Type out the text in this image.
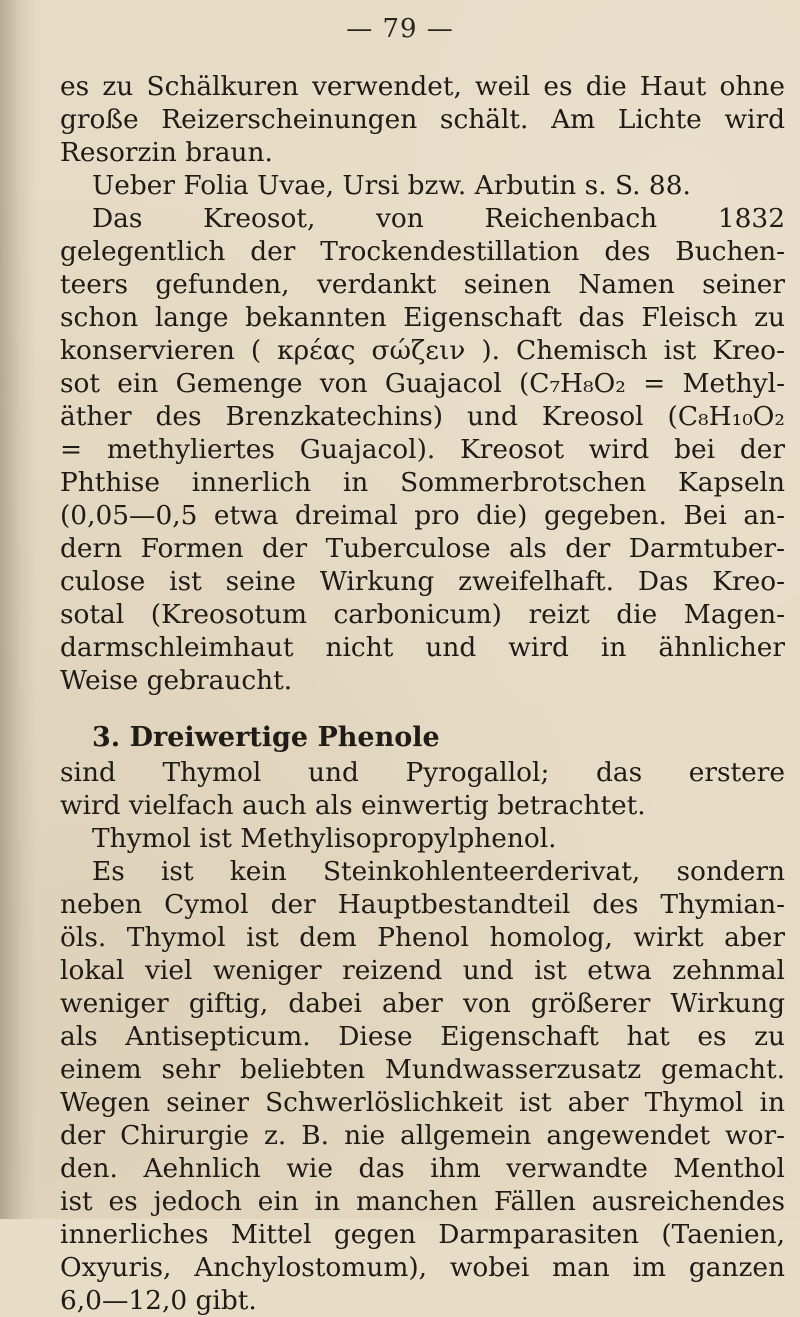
— 79 —
es zu Schälkuren verwendet, weil es die Haut ohne
große Reizerscheinungen schält. Am Lichte wird
Resorzin braun.
Ueber Folia Uvae, Ursi bzw. Arbutin s. S. 88.
Das Kreosot, von Reichenbach 1832
gelegentlich der Trockendestillation des Buchen-
teers gefunden, verdankt seinen Namen seiner
schon lange bekannten Eigenschaft das Fleisch zu
konservieren ( κρέας σώζειν ). Chemisch ist Kreo-
sot ein Gemenge von Guajacol (C₇H₈O₂ = Methyl-
äther des Brenzkatechins) und Kreosol (C₈H₁₀O₂
= methyliertes Guajacol). Kreosot wird bei der
Phthise innerlich in Sommerbrotschen Kapseln
(0,05—0,5 etwa dreimal pro die) gegeben. Bei an-
dern Formen der Tuberculose als der Darmtuber-
culose ist seine Wirkung zweifelhaft. Das Kreo-
sotal (Kreosotum carbonicum) reizt die Magen-
darmschleimhaut nicht und wird in ähnlicher
Weise gebraucht.
3. Dreiwertige Phenole
sind Thymol und Pyrogallol; das erstere
wird vielfach auch als einwertig betrachtet.
Thymol ist Methylisopropylphenol.
Es ist kein Steinkohlenteerderivat, sondern
neben Cymol der Hauptbestandteil des Thymian-
öls. Thymol ist dem Phenol homolog, wirkt aber
lokal viel weniger reizend und ist etwa zehnmal
weniger giftig, dabei aber von größerer Wirkung
als Antisepticum. Diese Eigenschaft hat es zu
einem sehr beliebten Mundwasserzusatz gemacht.
Wegen seiner Schwerlöslichkeit ist aber Thymol in
der Chirurgie z. B. nie allgemein angewendet wor-
den. Aehnlich wie das ihm verwandte Menthol
ist es jedoch ein in manchen Fällen ausreichendes
innerliches Mittel gegen Darmparasiten (Taenien,
Oxyuris, Anchylostomum), wobei man im ganzen
6,0—12,0 gibt.
